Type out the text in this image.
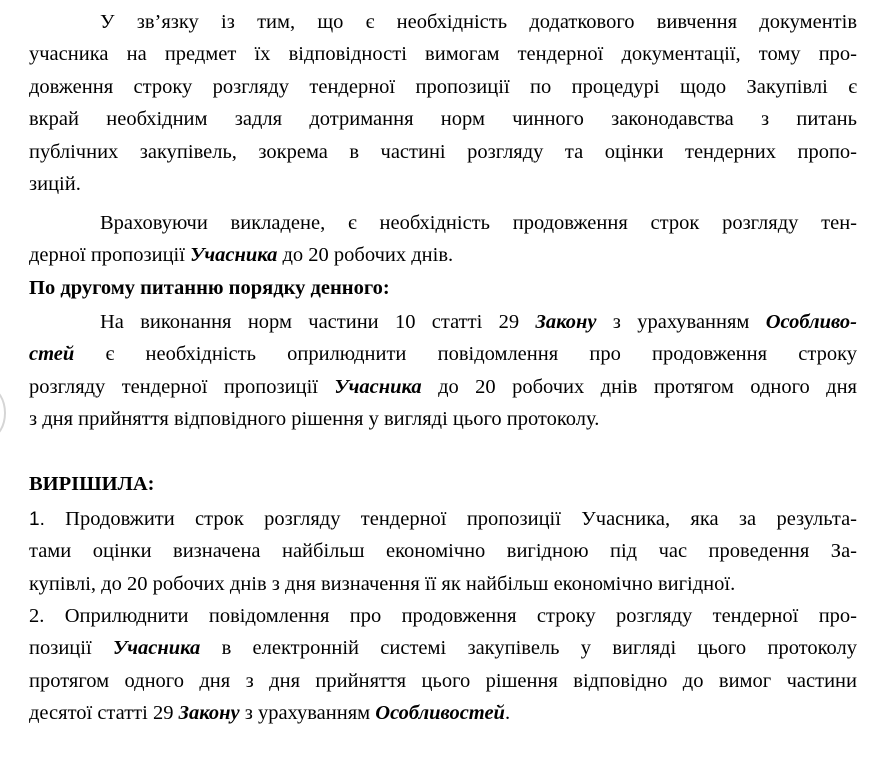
У зв’язку із тим, що є необхідність додаткового вивчення документів
учасника на предмет їх відповідності вимогам тендерної документації, тому про-
довження строку розгляду тендерної пропозиції по процедурі щодо Закупівлі є
вкрай необхідним задля дотримання норм чинного законодавства з питань
публічних закупівель, зокрема в частині розгляду та оцінки тендерних пропо-
зицій.
Враховуючи викладене, є необхідність продовження строк розгляду тен-
дерної пропозиції Учасника до 20 робочих днів.
По другому питанню порядку денного:
На виконання норм частини 10 статті 29 Закону з урахуванням Особливо-
стей є необхідність оприлюднити повідомлення про продовження строку
розгляду тендерної пропозиції Учасника до 20 робочих днів протягом одного дня
з дня прийняття відповідного рішення у вигляді цього протоколу.
ВИРІШИЛА:
1. Продовжити строк розгляду тендерної пропозиції Учасника, яка за результа-
тами оцінки визначена найбільш економічно вигідною під час проведення За-
купівлі, до 20 робочих днів з дня визначення її як найбільш економічно вигідної.
2. Оприлюднити повідомлення про продовження строку розгляду тендерної про-
позиції Учасника в електронній системі закупівель у вигляді цього протоколу
протягом одного дня з дня прийняття цього рішення відповідно до вимог частини
десятої статті 29 Закону з урахуванням Особливостей.
